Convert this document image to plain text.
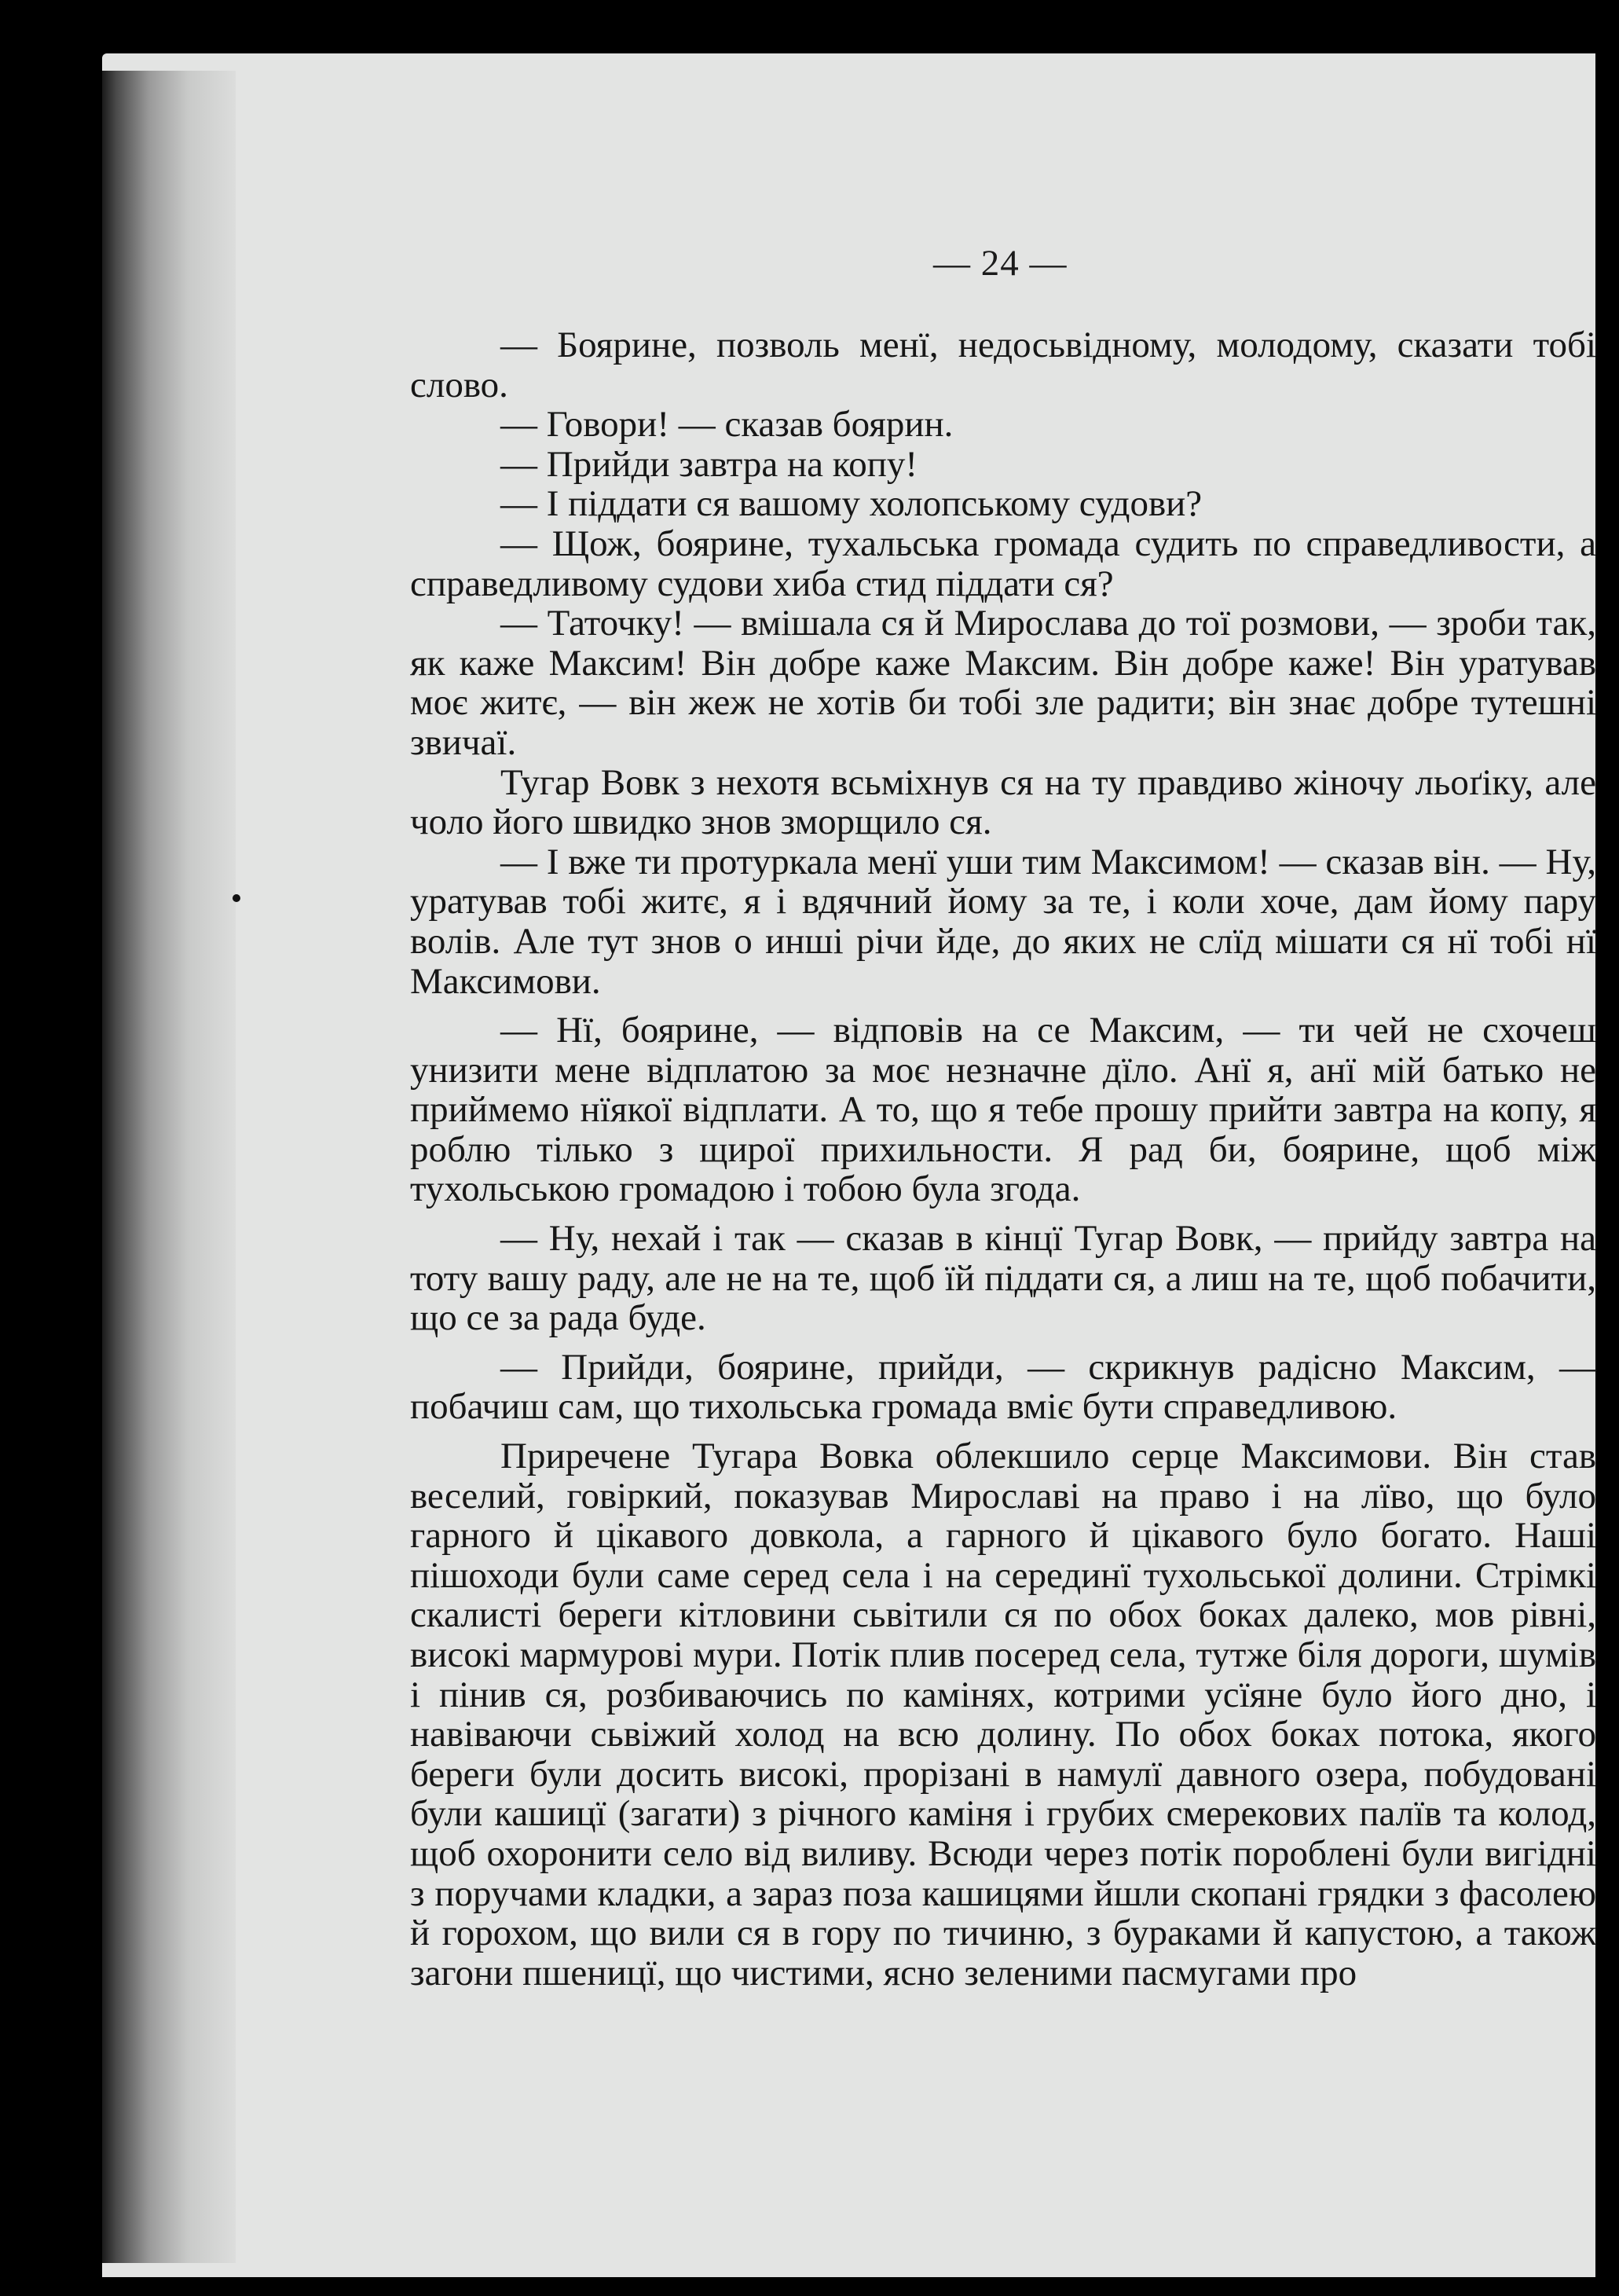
— 24 —

— Боярине, позволь менї, недосьвідному, молодому, сказати тобі слово.

— Говори! — сказав боярин.

— Прийди завтра на копу!

— І піддати ся вашому холопському судови?

— Щож, боярине, тухальська громада судить по справедливости, а справедливому судови хиба стид піддати ся?

— Таточку! — вмішала ся й Мирослава до тої розмови, — зроби так, як каже Максим! Він добре каже Максим. Він добре каже! Він уратував моє житє, — він жеж не хотів би тобі зле радити; він знає добре тутешні звичаї.

Тугар Вовк з нехотя всьміхнув ся на ту правдиво жіночу льоґіку, але чоло його швидко знов зморщило ся.

— І вже ти протуркала менї уши тим Максимом! — сказав він. — Ну, уратував тобі житє, я і вдячний йому за те, і коли хоче, дам йому пару волів. Але тут знов о инші річи йде, до яких не слїд мішати ся нї тобі нї Максимови.

— Нї, боярине, — відповів на се Максим, — ти чей не схочеш унизити мене відплатою за моє незначне дїло. Анї я, анї мій батько не приймемо нїякої відплати. А то, що я тебе прошу прийти завтра на копу, я роблю тілько з щирої прихильности. Я рад би, боярине, щоб між тухольською громадою і тобою була згода.

— Ну, нехай і так — сказав в кінцї Тугар Вовк, — прийду завтра на тоту вашу раду, але не на те, щоб їй піддати ся, а лиш на те, щоб побачити, що се за рада буде.

— Прийди, боярине, прийди, — скрикнув радісно Максим, — побачиш сам, що тихольська громада вміє бути справедливою.

Приречене Тугара Вовка облекшило серце Максимови. Він став веселий, говіркий, показував Мирославі на право і на лїво, що було гарного й цікавого довкола, а гарного й цікавого було богато. Наші пішоходи були саме серед села і на серединї тухольської долини. Стрімкі скалисті береги кітловини сьвітили ся по обох боках далеко, мов рівні, високі мармурові мури. Потік плив посеред села, тутже біля дороги, шумів і пінив ся, розбиваючись по камінях, котрими усїяне було його дно, і навіваючи сьвіжий холод на всю долину. По обох боках потока, якого береги були досить високі, прорізані в намулї давного озера, побудовані були кашицї (загати) з річного каміня і грубих смерекових палїв та колод, щоб охоронити село від виливу. Всюди через потік пороблені були вигідні з поручами кладки, а зараз поза кашицями йшли скопані грядки з фасолею й горохом, що вили ся в гору по тичиню, з бураками й капустою, а також загони пшеницї, що чистими, ясно зеленими пасмугами про
